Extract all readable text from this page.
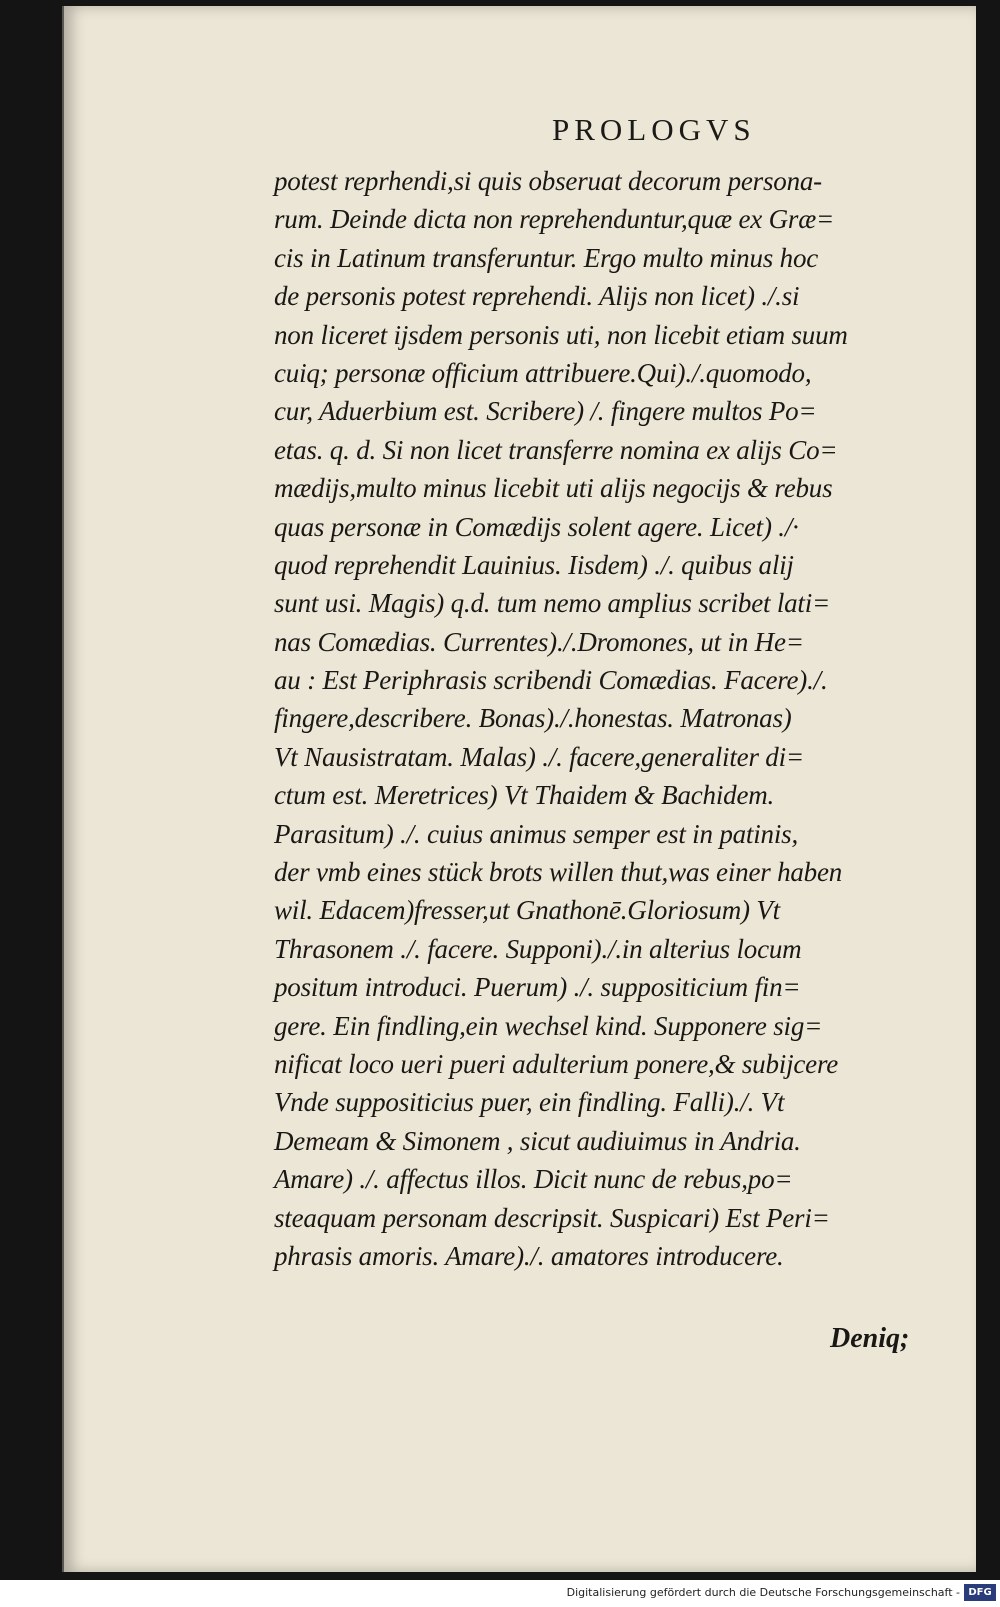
PROLOGVS
potest reprhendi,si quis obseruat decorum persona-
rum. Deinde dicta non reprehenduntur,quæ ex Græ=
cis in Latinum transferuntur. Ergo multo minus hoc
de personis potest reprehendi. Alijs non licet) ./.si
non liceret ijsdem personis uti, non licebit etiam suum
cuiq; personæ officium attribuere.Qui)./.quomodo,
cur, Aduerbium est. Scribere) /. fingere multos Po=
etas. q. d. Si non licet transferre nomina ex alijs Co=
mædijs,multo minus licebit uti alijs negocijs & rebus
quas personæ in Comædijs solent agere. Licet) ./·
quod reprehendit Lauinius. Iisdem) ./. quibus alij
sunt usi. Magis) q.d. tum nemo amplius scribet lati=
nas Comædias. Currentes)./.Dromones, ut in He=
au : Est Periphrasis scribendi Comædias. Facere)./.
fingere,describere. Bonas)./.honestas. Matronas)
Vt Nausistratam. Malas) ./. facere,generaliter di=
ctum est. Meretrices) Vt Thaidem & Bachidem.
Parasitum) ./. cuius animus semper est in patinis,
der vmb eines stück brots willen thut,was einer haben
wil. Edacem)fresser,ut Gnathonē.Gloriosum) Vt
Thrasonem ./. facere. Supponi)./.in alterius locum
positum introduci. Puerum) ./. suppositicium fin=
gere. Ein findling,ein wechsel kind. Supponere sig=
nificat loco ueri pueri adulterium ponere,& subijcere
Vnde suppositicius puer, ein findling. Falli)./. Vt
Demeam & Simonem , sicut audiuimus in Andria.
Amare) ./. affectus illos. Dicit nunc de rebus,po=
steaquam personam descripsit. Suspicari) Est Peri=
phrasis amoris. Amare)./. amatores introducere.
Deniq;
Digitalisierung gefördert durch die Deutsche Forschungsgemeinschaft - DFG
